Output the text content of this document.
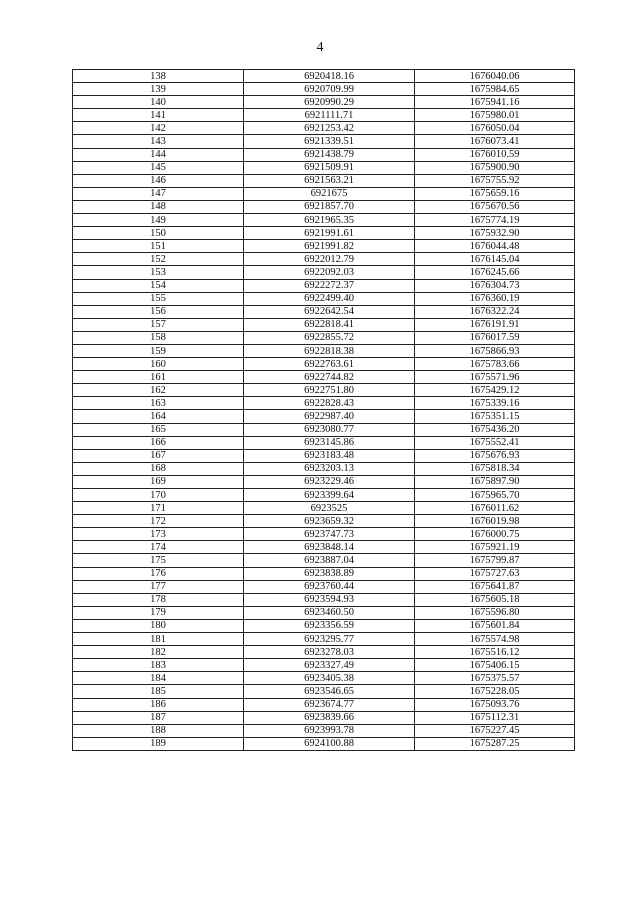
4
138	6920418.16	1676040.06
139	6920709.99	1675984.65
140	6920990.29	1675941.16
141	6921111.71	1675980.01
142	6921253.42	1676050.04
143	6921339.51	1676073.41
144	6921438.79	1676010.59
145	6921509.91	1675900.90
146	6921563.21	1675755.92
147	6921675	1675659.16
148	6921857.70	1675670.56
149	6921965.35	1675774.19
150	6921991.61	1675932.90
151	6921991.82	1676044.48
152	6922012.79	1676145.04
153	6922092.03	1676245.66
154	6922272.37	1676304.73
155	6922499.40	1676360.19
156	6922642.54	1676322.24
157	6922818.41	1676191.91
158	6922855.72	1676017.59
159	6922818.38	1675866.93
160	6922763.61	1675783.66
161	6922744.82	1675571.96
162	6922751.80	1675429.12
163	6922828.43	1675339.16
164	6922987.40	1675351.15
165	6923080.77	1675436.20
166	6923145.86	1675552.41
167	6923183.48	1675676.93
168	6923203.13	1675818.34
169	6923229.46	1675897.90
170	6923399.64	1675965.70
171	6923525	1676011.62
172	6923659.32	1676019.98
173	6923747.73	1676000.75
174	6923848.14	1675921.19
175	6923887.04	1675799.87
176	6923838.89	1675727.63
177	6923760.44	1675641.87
178	6923594.93	1675605.18
179	6923460.50	1675596.80
180	6923356.59	1675601.84
181	6923295.77	1675574.98
182	6923278.03	1675516.12
183	6923327.49	1675406.15
184	6923405.38	1675375.57
185	6923546.65	1675228.05
186	6923674.77	1675093.76
187	6923839.66	1675112.31
188	6923993.78	1675227.45
189	6924100.88	1675287.25
